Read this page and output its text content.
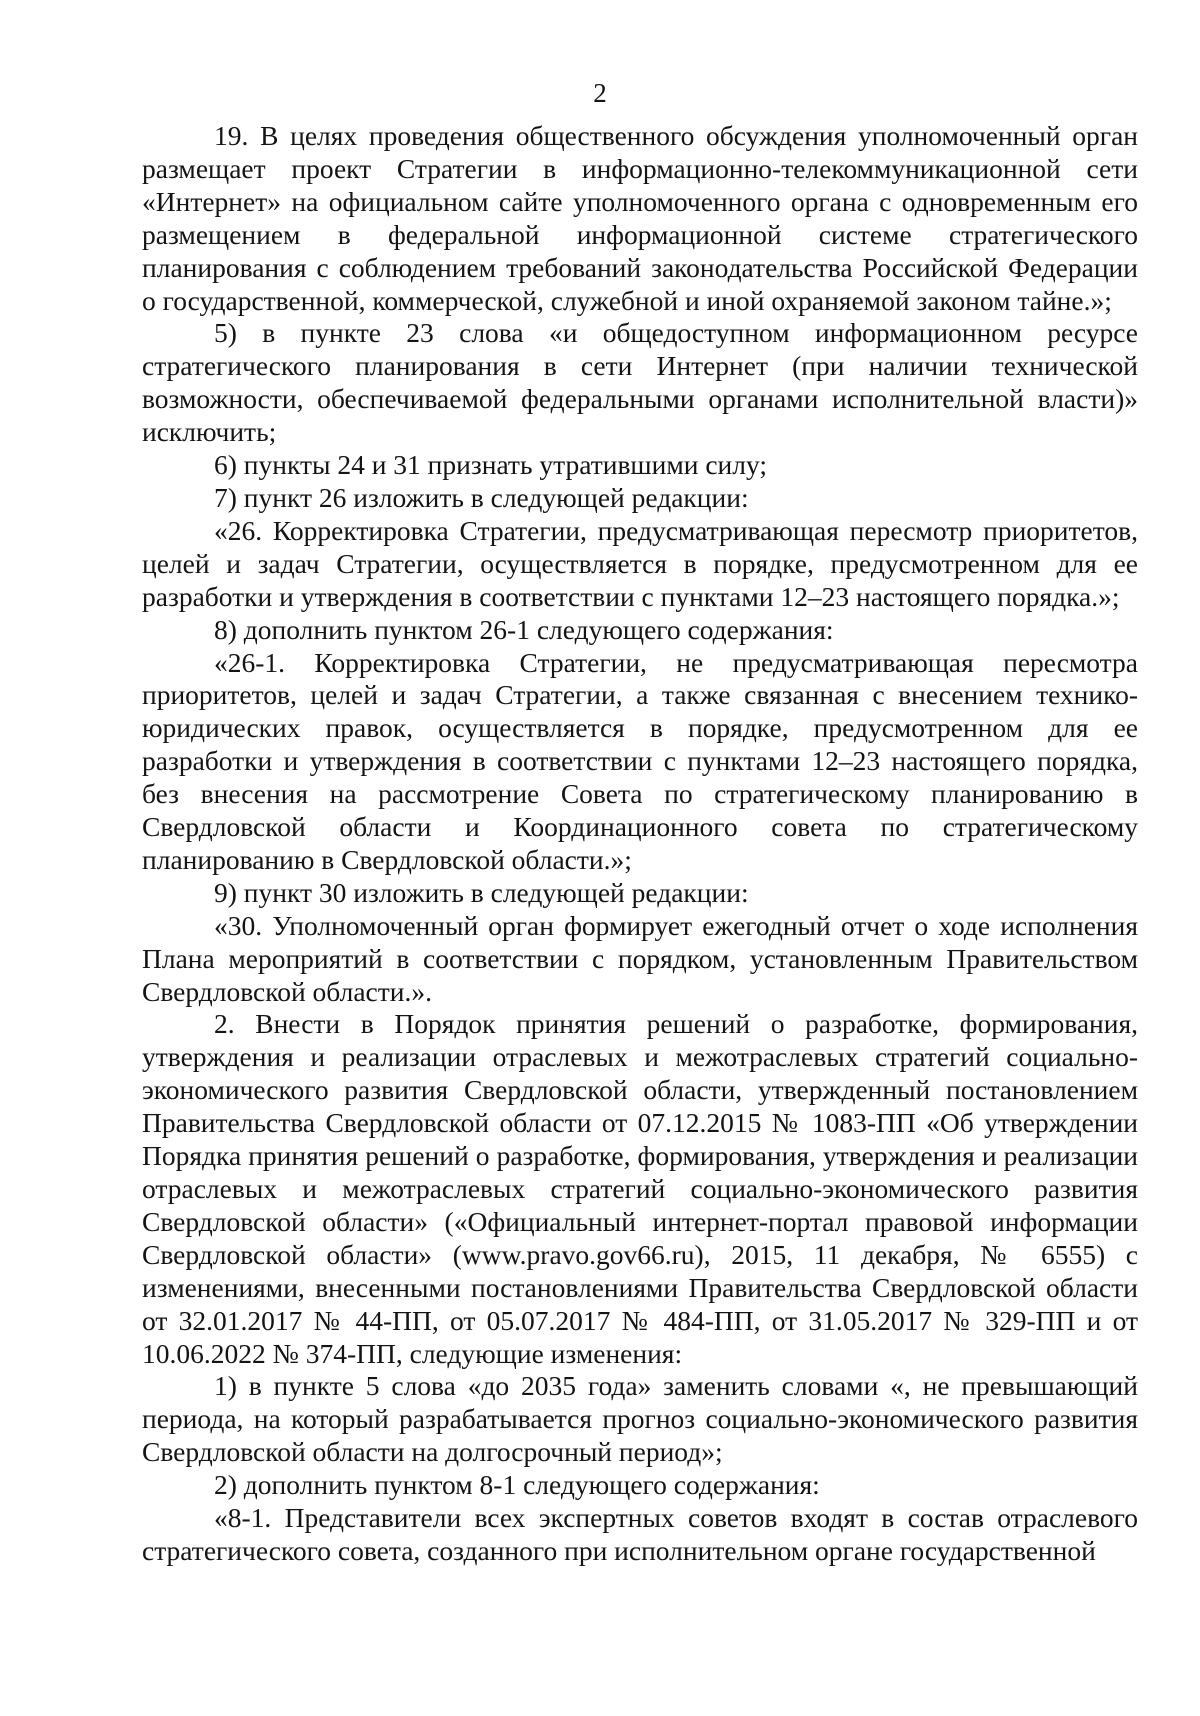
2

19. В целях проведения общественного обсуждения уполномоченный орган размещает проект Стратегии в информационно-телекоммуникационной сети «Интернет» на официальном сайте уполномоченного органа с одновременным его размещением в федеральной информационной системе стратегического планирования с соблюдением требований законодательства Российской Федерации о государственной, коммерческой, служебной и иной охраняемой законом тайне.»;

5) в пункте 23 слова «и общедоступном информационном ресурсе стратегического планирования в сети Интернет (при наличии технической возможности, обеспечиваемой федеральными органами исполнительной власти)» исключить;

6) пункты 24 и 31 признать утратившими силу;

7) пункт 26 изложить в следующей редакции:

«26. Корректировка Стратегии, предусматривающая пересмотр приоритетов, целей и задач Стратегии, осуществляется в порядке, предусмотренном для ее разработки и утверждения в соответствии с пунктами 12–23 настоящего порядка.»;

8) дополнить пунктом 26-1 следующего содержания:

«26-1. Корректировка Стратегии, не предусматривающая пересмотра приоритетов, целей и задач Стратегии, а также связанная с внесением технико-юридических правок, осуществляется в порядке, предусмотренном для ее разработки и утверждения в соответствии с пунктами 12–23 настоящего порядка, без внесения на рассмотрение Совета по стратегическому планированию в Свердловской области и Координационного совета по стратегическому планированию в Свердловской области.»;

9) пункт 30 изложить в следующей редакции:

«30. Уполномоченный орган формирует ежегодный отчет о ходе исполнения Плана мероприятий в соответствии с порядком, установленным Правительством Свердловской области.».

2. Внести в Порядок принятия решений о разработке, формирования, утверждения и реализации отраслевых и межотраслевых стратегий социально-экономического развития Свердловской области, утвержденный постановлением Правительства Свердловской области от 07.12.2015 № 1083-ПП «Об утверждении Порядка принятия решений о разработке, формирования, утверждения и реализации отраслевых и межотраслевых стратегий социально-экономического развития Свердловской области» («Официальный интернет-портал правовой информации Свердловской области» (www.pravo.gov66.ru), 2015, 11 декабря, № 6555) с изменениями, внесенными постановлениями Правительства Свердловской области от 32.01.2017 № 44-ПП, от 05.07.2017 № 484-ПП, от 31.05.2017 № 329-ПП и от 10.06.2022 № 374-ПП, следующие изменения:

1) в пункте 5 слова «до 2035 года» заменить словами «, не превышающий периода, на который разрабатывается прогноз социально-экономического развития Свердловской области на долгосрочный период»;

2) дополнить пунктом 8-1 следующего содержания:

«8-1. Представители всех экспертных советов входят в состав отраслевого стратегического совета, созданного при исполнительном органе государственной
